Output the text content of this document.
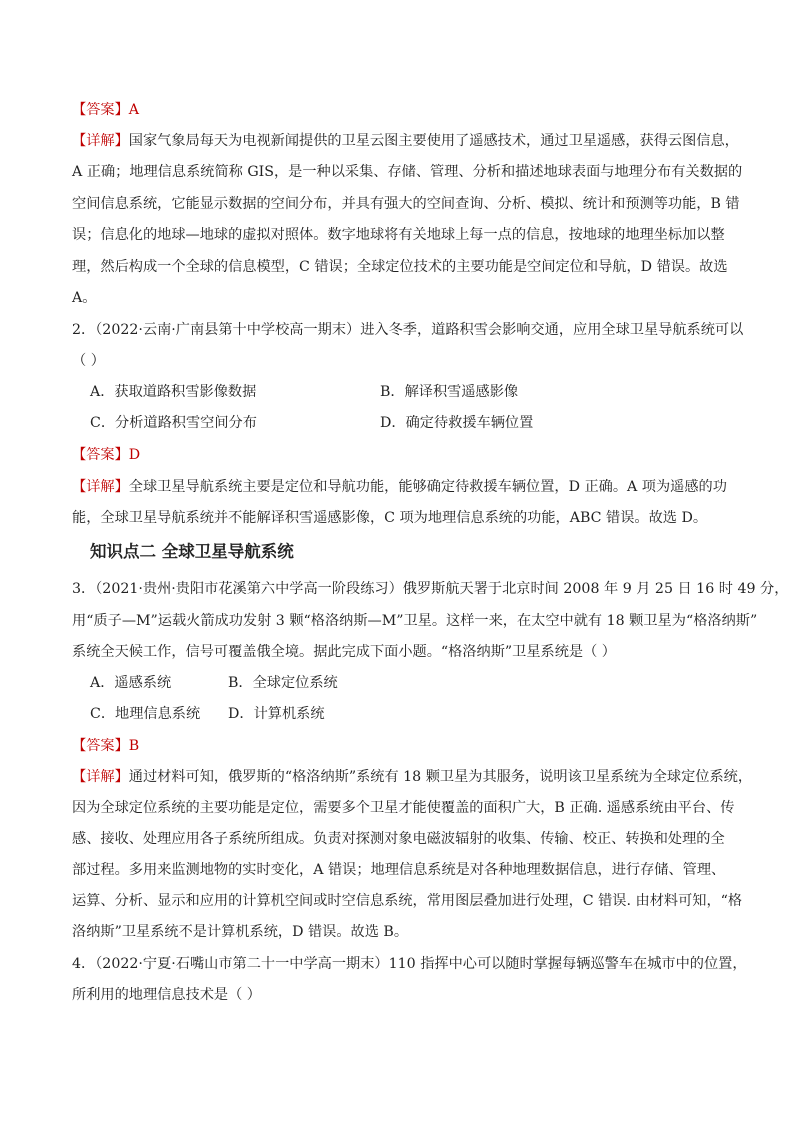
【答案】A
【详解】国家气象局每天为电视新闻提供的卫星云图主要使用了遥感技术，通过卫星遥感，获得云图信息，
A 正确；地理信息系统简称 GIS，是一种以采集、存储、管理、分析和描述地球表面与地理分布有关数据的
空间信息系统，它能显示数据的空间分布，并具有强大的空间查询、分析、模拟、统计和预测等功能，B 错
误；信息化的地球—地球的虚拟对照体。数字地球将有关地球上每一点的信息，按地球的地理坐标加以整
理，然后构成一个全球的信息模型，C 错误；全球定位技术的主要功能是空间定位和导航，D 错误。故选
A。
2．（2022·云南·广南县第十中学校高一期末）进入冬季，道路积雪会影响交通，应用全球卫星导航系统可以
（ ）
A．获取道路积雪影像数据	B．解译积雪遥感影像
C．分析道路积雪空间分布	D．确定待救援车辆位置
【答案】D
【详解】全球卫星导航系统主要是定位和导航功能，能够确定待救援车辆位置，D 正确。A 项为遥感的功
能，全球卫星导航系统并不能解译积雪遥感影像，C 项为地理信息系统的功能，ABC 错误。故选 D。
知识点二 全球卫星导航系统
3．（2021·贵州·贵阳市花溪第六中学高一阶段练习）俄罗斯航天署于北京时间 2008 年 9 月 25 日 16 时 49 分，
用“质子—M”运载火箭成功发射 3 颗“格洛纳斯—M”卫星。这样一来，在太空中就有 18 颗卫星为“格洛纳斯”
系统全天候工作，信号可覆盖俄全境。据此完成下面小题。“格洛纳斯”卫星系统是（ ）
A．遥感系统	B．全球定位系统
C．地理信息系统 D．计算机系统
【答案】B
【详解】通过材料可知，俄罗斯的“格洛纳斯”系统有 18 颗卫星为其服务，说明该卫星系统为全球定位系统，
因为全球定位系统的主要功能是定位，需要多个卫星才能使覆盖的面积广大，B 正确. 遥感系统由平台、传
感、接收、处理应用各子系统所组成。负责对探测对象电磁波辐射的收集、传输、校正、转换和处理的全
部过程。多用来监测地物的实时变化，A 错误；地理信息系统是对各种地理数据信息，进行存储、管理、
运算、分析、显示和应用的计算机空间或时空信息系统，常用图层叠加进行处理，C 错误. 由材料可知，“格
洛纳斯”卫星系统不是计算机系统，D 错误。故选 B。
4．（2022·宁夏·石嘴山市第二十一中学高一期末）110 指挥中心可以随时掌握每辆巡警车在城市中的位置，
所利用的地理信息技术是（ ）
